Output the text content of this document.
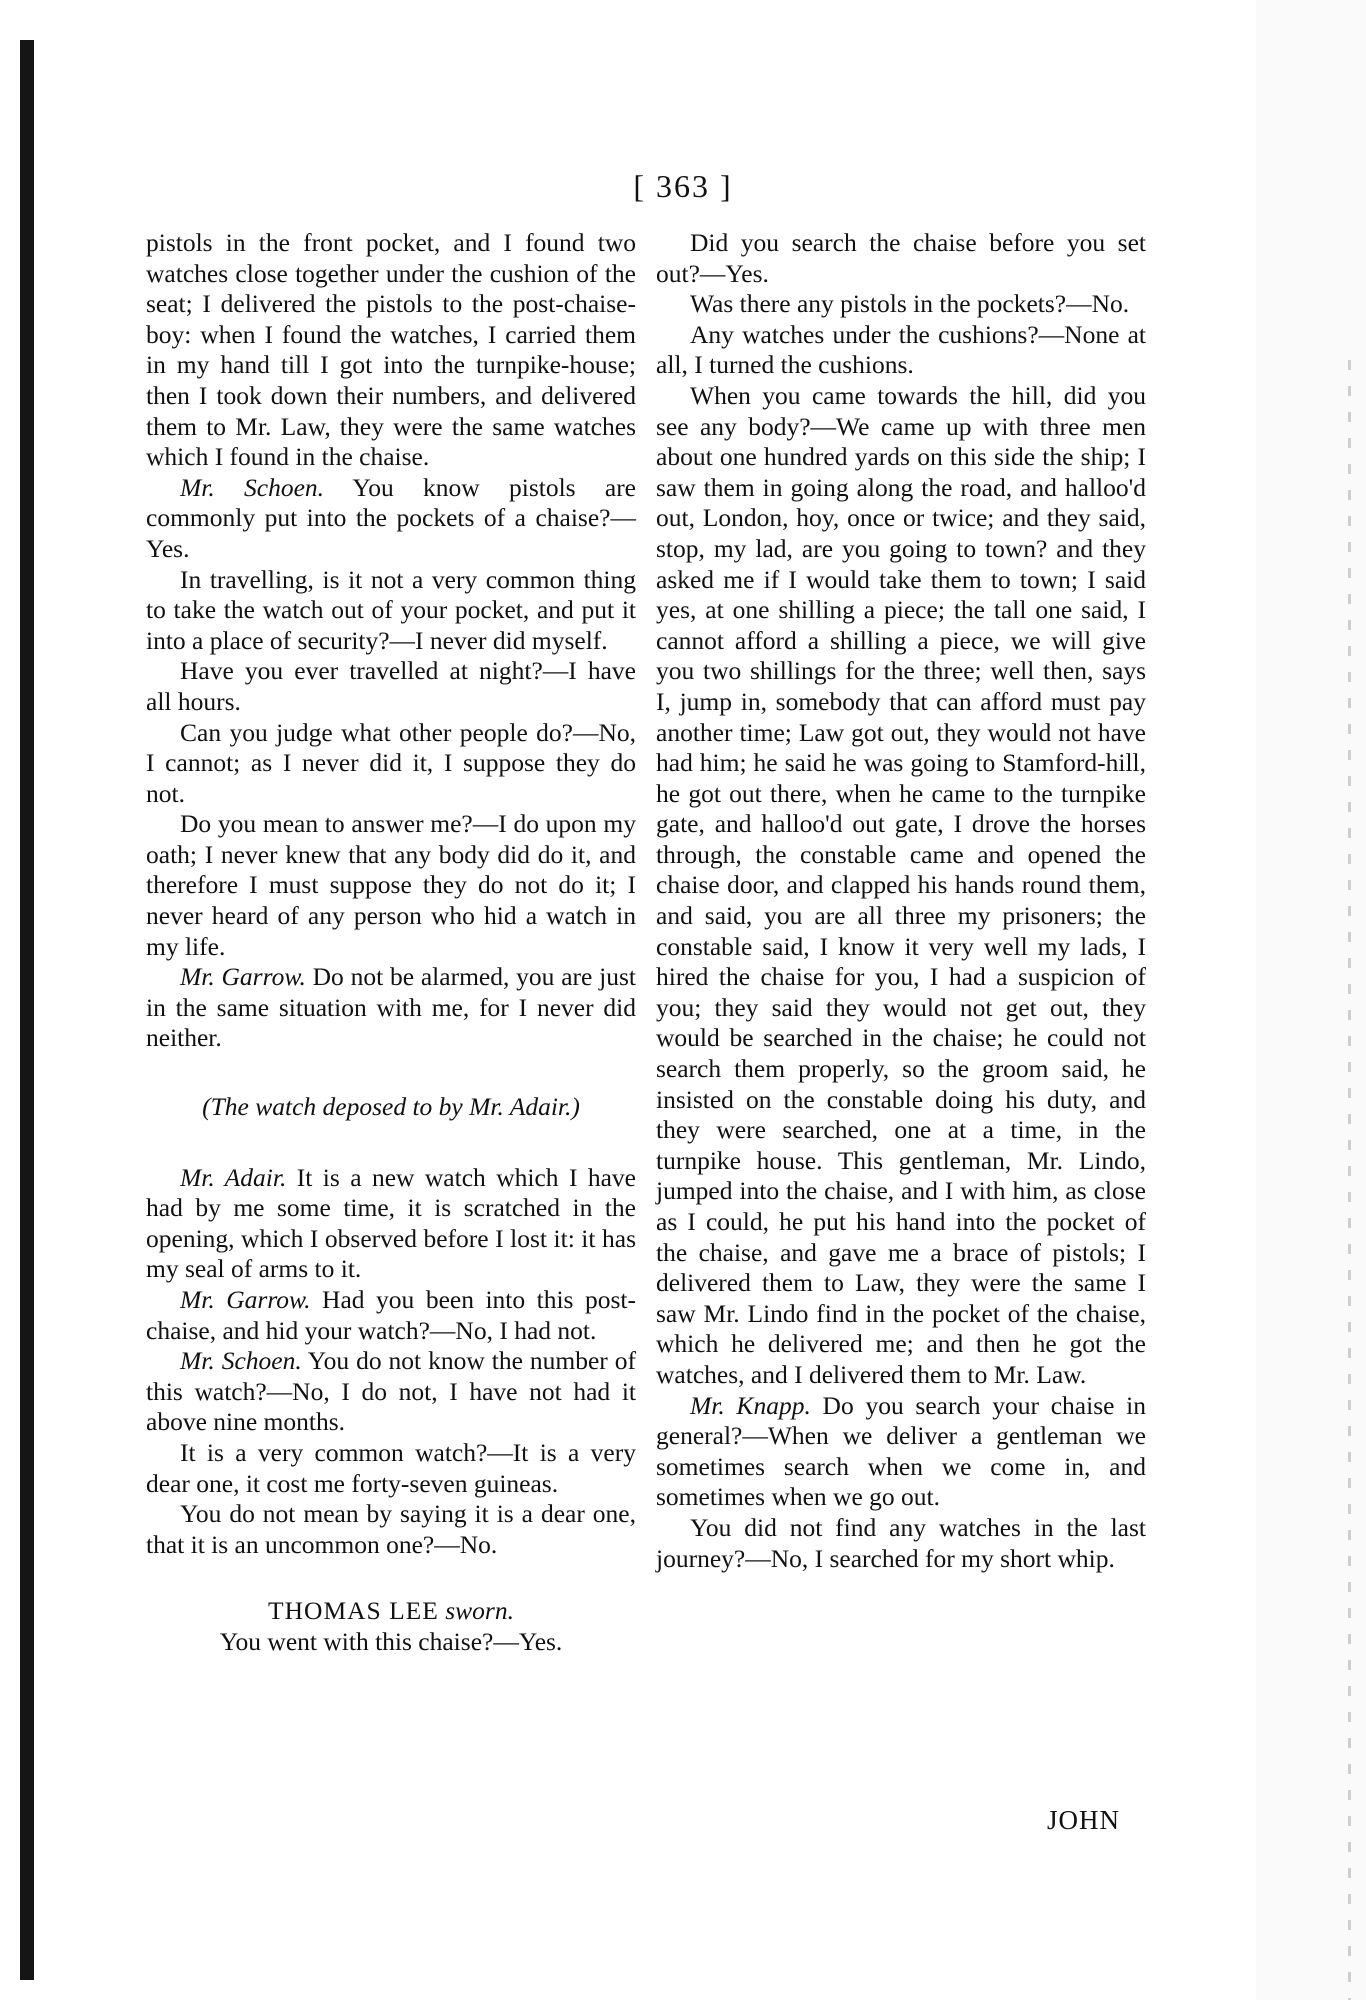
[ 363 ]

pistols in the front pocket, and I found two watches close together under the cushion of the seat; I delivered the pistols to the post-chaise-boy: when I found the watches, I carried them in my hand till I got into the turnpike-house; then I took down their numbers, and delivered them to Mr. Law, they were the same watches which I found in the chaise.

Mr. Schoen. You know pistols are commonly put into the pockets of a chaise?—Yes.

In travelling, is it not a very common thing to take the watch out of your pocket, and put it into a place of security?—I never did myself.

Have you ever travelled at night?—I have all hours.

Can you judge what other people do?—No, I cannot; as I never did it, I suppose they do not.

Do you mean to answer me?—I do upon my oath; I never knew that any body did do it, and therefore I must suppose they do not do it; I never heard of any person who hid a watch in my life.

Mr. Garrow. Do not be alarmed, you are just in the same situation with me, for I never did neither.

(The watch deposed to by Mr. Adair.)

Mr. Adair. It is a new watch which I have had by me some time, it is scratched in the opening, which I observed before I lost it: it has my seal of arms to it.

Mr. Garrow. Had you been into this post-chaise, and hid your watch?—No, I had not.

Mr. Schoen. You do not know the number of this watch?—No, I do not, I have not had it above nine months.

It is a very common watch?—It is a very dear one, it cost me forty-seven guineas.

You do not mean by saying it is a dear one, that it is an uncommon one?—No.

THOMAS LEE sworn.

You went with this chaise?—Yes.

Did you search the chaise before you set out?—Yes.

Was there any pistols in the pockets?—No.

Any watches under the cushions?—None at all, I turned the cushions.

When you came towards the hill, did you see any body?—We came up with three men about one hundred yards on this side the ship; I saw them in going along the road, and halloo'd out, London, hoy, once or twice; and they said, stop, my lad, are you going to town? and they asked me if I would take them to town; I said yes, at one shilling a piece; the tall one said, I cannot afford a shilling a piece, we will give you two shillings for the three; well then, says I, jump in, somebody that can afford must pay another time; Law got out, they would not have had him; he said he was going to Stamford-hill, he got out there, when he came to the turnpike gate, and halloo'd out gate, I drove the horses through, the constable came and opened the chaise door, and clapped his hands round them, and said, you are all three my prisoners; the constable said, I know it very well my lads, I hired the chaise for you, I had a suspicion of you; they said they would not get out, they would be searched in the chaise; he could not search them properly, so the groom said, he insisted on the constable doing his duty, and they were searched, one at a time, in the turnpike house. This gentleman, Mr. Lindo, jumped into the chaise, and I with him, as close as I could, he put his hand into the pocket of the chaise, and gave me a brace of pistols; I delivered them to Law, they were the same I saw Mr. Lindo find in the pocket of the chaise, which he delivered me; and then he got the watches, and I delivered them to Mr. Law.

Mr. Knapp. Do you search your chaise in general?—When we deliver a gentleman we sometimes search when we come in, and sometimes when we go out.

You did not find any watches in the last journey?—No, I searched for my short whip.

JOHN
